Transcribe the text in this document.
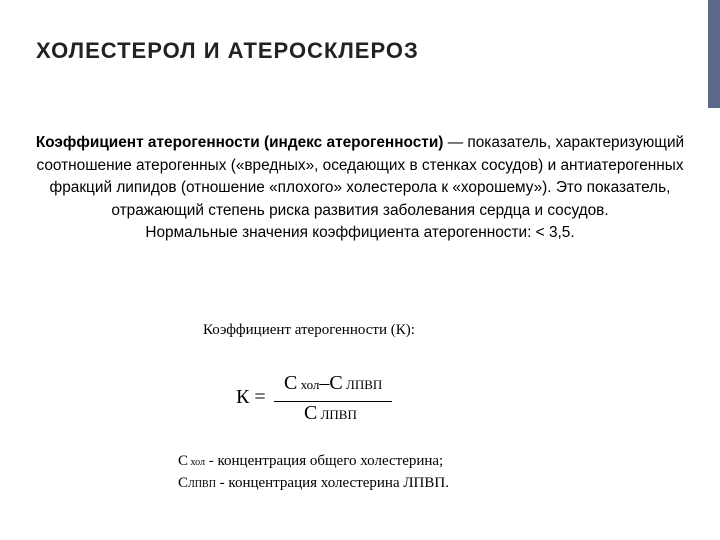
ХОЛЕСТЕРОЛ И АТЕРОСКЛЕРОЗ

Коэффициент атерогенности (индекс атерогенности) — показатель, характеризующий соотношение атерогенных («вредных», оседающих в стенках сосудов) и антиатерогенных фракций липидов (отношение «плохого» холестерола к «хорошему»). Это показатель, отражающий степень риска развития заболевания сердца и сосудов.
Нормальные значения коэффициента атерогенности: < 3,5.

Коэффициент атерогенности (К):

К =
С хол–С ЛПВП
С ЛПВП
С хол - концентрация общего холестерина;
СЛПВП - концентрация холестерина ЛПВП.
